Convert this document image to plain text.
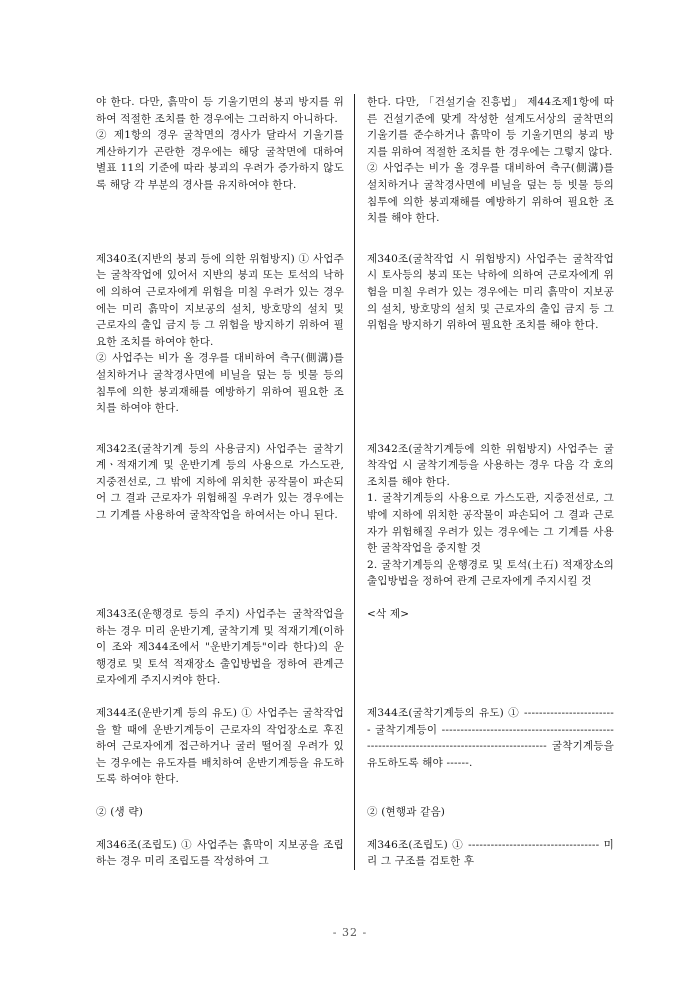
야 한다. 다만, 흙막이 등 기울기면의 붕괴 방지를 위하여 적절한 조치를 한 경우에는 그러하지 아니하다.
② 제1항의 경우 굴착면의 경사가 달라서 기울기를 계산하기가 곤란한 경우에는 해당 굴착면에 대하여 별표 11의 기준에 따라 붕괴의 우려가 증가하지 않도록 해당 각 부분의 경사를 유지하여야 한다.
한다. 다만, 「건설기술 진흥법」 제44조제1항에 따른 건설기준에 맞게 작성한 설계도서상의 굴착면의 기울기를 준수하거나 흙막이 등 기울기면의 붕괴 방지를 위하여 적절한 조치를 한 경우에는 그렇지 않다.
② 사업주는 비가 올 경우를 대비하여 측구(側溝)를 설치하거나 굴착경사면에 비닐을 덮는 등 빗물 등의 침투에 의한 붕괴재해를 예방하기 위하여 필요한 조치를 해야 한다.
제340조(지반의 붕괴 등에 의한 위험방지) ① 사업주는 굴착작업에 있어서 지반의 붕괴 또는 토석의 낙하에 의하여 근로자에게 위험을 미칠 우려가 있는 경우에는 미리 흙막이 지보공의 설치, 방호망의 설치 및 근로자의 출입 금지 등 그 위험을 방지하기 위하여 필요한 조치를 하여야 한다.
② 사업주는 비가 올 경우를 대비하여 측구(側溝)를 설치하거나 굴착경사면에 비닐을 덮는 등 빗물 등의 침투에 의한 붕괴재해를 예방하기 위하여 필요한 조치를 하여야 한다.
제340조(굴착작업 시 위험방지) 사업주는 굴착작업 시 토사등의 붕괴 또는 낙하에 의하여 근로자에게 위험을 미칠 우려가 있는 경우에는 미리 흙막이 지보공의 설치, 방호망의 설치 및 근로자의 출입 금지 등 그 위험을 방지하기 위하여 필요한 조치를 해야 한다.
제342조(굴착기계 등의 사용금지) 사업주는 굴착기계ㆍ적재기계 및 운반기계 등의 사용으로 가스도관, 지중전선로, 그 밖에 지하에 위치한 공작물이 파손되어 그 결과 근로자가 위험해질 우려가 있는 경우에는 그 기계를 사용하여 굴착작업을 하여서는 아니 된다.
제342조(굴착기계등에 의한 위험방지) 사업주는 굴착작업 시 굴착기계등을 사용하는 경우 다음 각 호의 조치를 해야 한다.
1. 굴착기계등의 사용으로 가스도관, 지중전선로, 그 밖에 지하에 위치한 공작물이 파손되어 그 결과 근로자가 위험해질 우려가 있는 경우에는 그 기계를 사용한 굴착작업을 중지할 것
2. 굴착기계등의 운행경로 및 토석(土石) 적재장소의 출입방법을 정하여 관계 근로자에게 주지시킬 것
제343조(운행경로 등의 주지) 사업주는 굴착작업을 하는 경우 미리 운반기계, 굴착기계 및 적재기계(이하 이 조와 제344조에서 "운반기계등"이라 한다)의 운행경로 및 토석 적재장소 출입방법을 정하여 관계근로자에게 주지시켜야 한다.
<삭 제>
제344조(운반기계 등의 유도) ① 사업주는 굴착작업을 할 때에 운반기계등이 근로자의 작업장소로 후진하여 근로자에게 접근하거나 굴러 떨어질 우려가 있는 경우에는 유도자를 배치하여 운반기계등을 유도하도록 하여야 한다.
제344조(굴착기계등의 유도) ① ------------------------- 굴착기계등이 ---------------------------------------------------------------------------------------------- 굴착기계등을 유도하도록 해야 ------.
② (생 략)	② (현행과 같음)
제346조(조립도) ① 사업주는 흙막이 지보공을 조립하는 경우 미리 조립도를 작성하여 그
제346조(조립도) ① ----------------------------------- 미리 그 구조를 검토한 후
- 32 -
